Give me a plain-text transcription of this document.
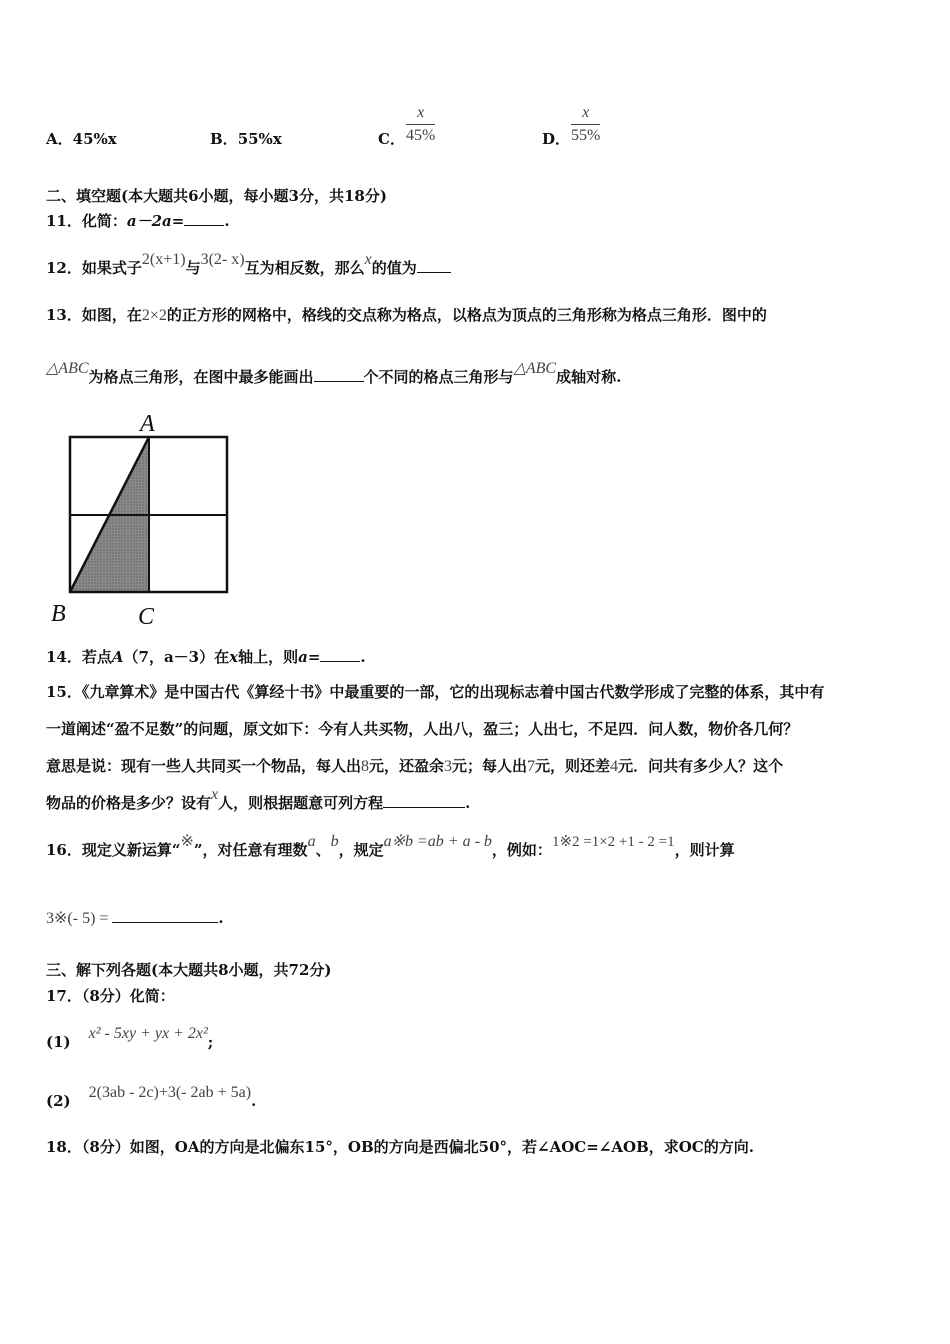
A．45%x	B．55%x	C． $\frac{x}{45\%}$	D． $\frac{x}{55\%}$
二、填空题(本大题共6小题，每小题3分，共18分)
11．化简：a－2a=	.
12．如果式子2(x+1)与3(2- x)互为相反数，那么x的值为
13．如图，在2×2的正方形的网格中，格线的交点称为格点，以格点为顶点的三角形称为格点三角形．图中的
△ABC为格点三角形，在图中最多能画出	个不同的格点三角形与△ABC成轴对称.
A
B	C
14．若点A（7，a－3）在x轴上，则a=	.
15．《九章算术》是中国古代《算经十书》中最重要的一部，它的出现标志着中国古代数学形成了完整的体系，其中有
一道阐述“盈不足数”的问题，原文如下：今有人共买物，人出八，盈三；人出七，不足四．问人数，物价各几何？
意思是说：现有一些人共同买一个物品，每人出8元，还盈余3元；每人出7元，则还差4元．问共有多少人？这个
物品的价格是多少？设有x人，则根据题意可列方程	.
16．现定义新运算“※”，对任意有理数a、b，规定a※b =ab + a - b，例如：1※2 =1×2 +1 - 2 =1，则计算
3※(- 5) =	.
三、解下列各题(本大题共8小题，共72分)
17．（8分）化简：
(1) x² - 5xy + yx + 2x²;
(2) 2(3ab - 2c)+3(- 2ab + 5a).
18．（8分）如图，OA的方向是北偏东15°，OB的方向是西偏北50°，若∠AOC=∠AOB，求OC的方向.
